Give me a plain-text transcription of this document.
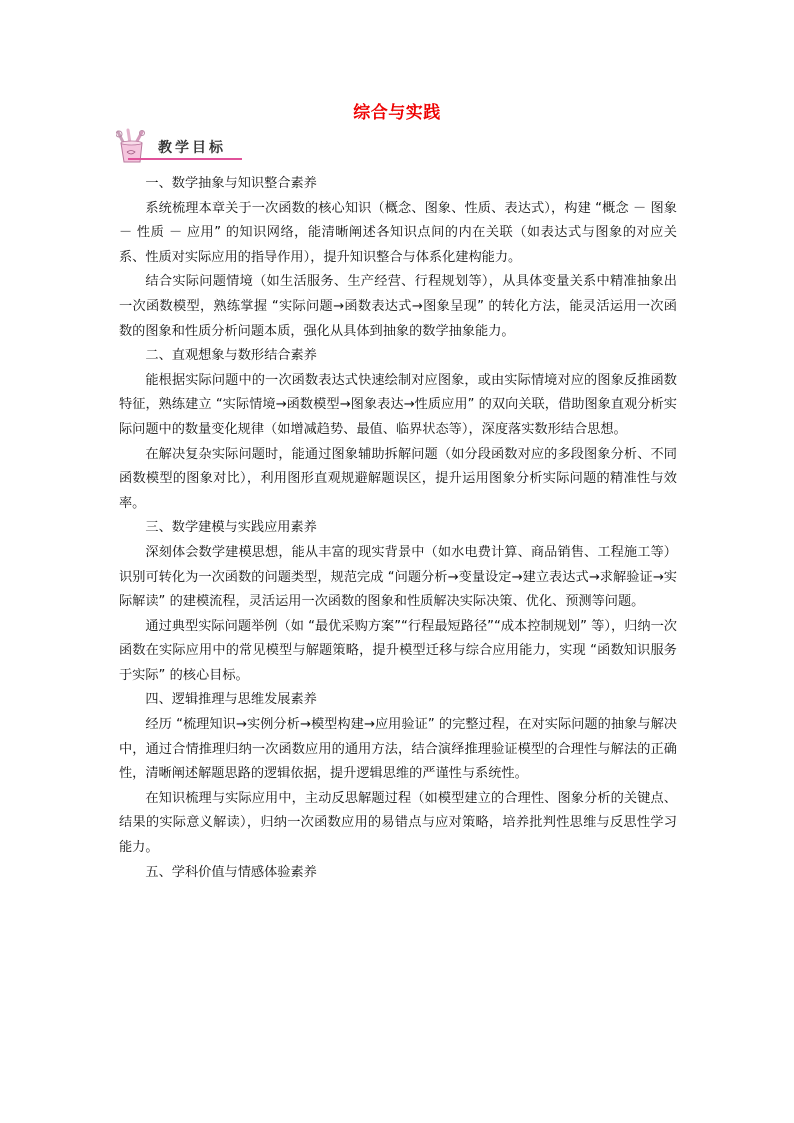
综合与实践
教学目标

一、数学抽象与知识整合素养

系统梳理本章关于一次函数的核心知识（概念、图象、性质、表达式），构建 “概念 － 图象 － 性质 － 应用” 的知识网络，能清晰阐述各知识点间的内在关联（如表达式与图象的对应关系、性质对实际应用的指导作用），提升知识整合与体系化建构能力。

结合实际问题情境（如生活服务、生产经营、行程规划等），从具体变量关系中精准抽象出一次函数模型，熟练掌握 “实际问题→函数表达式→图象呈现” 的转化方法，能灵活运用一次函数的图象和性质分析问题本质，强化从具体到抽象的数学抽象能力。

二、直观想象与数形结合素养

能根据实际问题中的一次函数表达式快速绘制对应图象，或由实际情境对应的图象反推函数特征，熟练建立 “实际情境→函数模型→图象表达→性质应用” 的双向关联，借助图象直观分析实际问题中的数量变化规律（如增减趋势、最值、临界状态等），深度落实数形结合思想。

在解决复杂实际问题时，能通过图象辅助拆解问题（如分段函数对应的多段图象分析、不同函数模型的图象对比），利用图形直观规避解题误区，提升运用图象分析实际问题的精准性与效率。

三、数学建模与实践应用素养

深刻体会数学建模思想，能从丰富的现实背景中（如水电费计算、商品销售、工程施工等）识别可转化为一次函数的问题类型，规范完成 “问题分析→变量设定→建立表达式→求解验证→实际解读” 的建模流程，灵活运用一次函数的图象和性质解决实际决策、优化、预测等问题。

通过典型实际问题举例（如 “最优采购方案”“行程最短路径”“成本控制规划” 等），归纳一次函数在实际应用中的常见模型与解题策略，提升模型迁移与综合应用能力，实现 “函数知识服务于实际” 的核心目标。

四、逻辑推理与思维发展素养

经历 “梳理知识→实例分析→模型构建→应用验证” 的完整过程，在对实际问题的抽象与解决中，通过合情推理归纳一次函数应用的通用方法，结合演绎推理验证模型的合理性与解法的正确性，清晰阐述解题思路的逻辑依据，提升逻辑思维的严谨性与系统性。

在知识梳理与实际应用中，主动反思解题过程（如模型建立的合理性、图象分析的关键点、结果的实际意义解读），归纳一次函数应用的易错点与应对策略，培养批判性思维与反思性学习能力。

五、学科价值与情感体验素养
